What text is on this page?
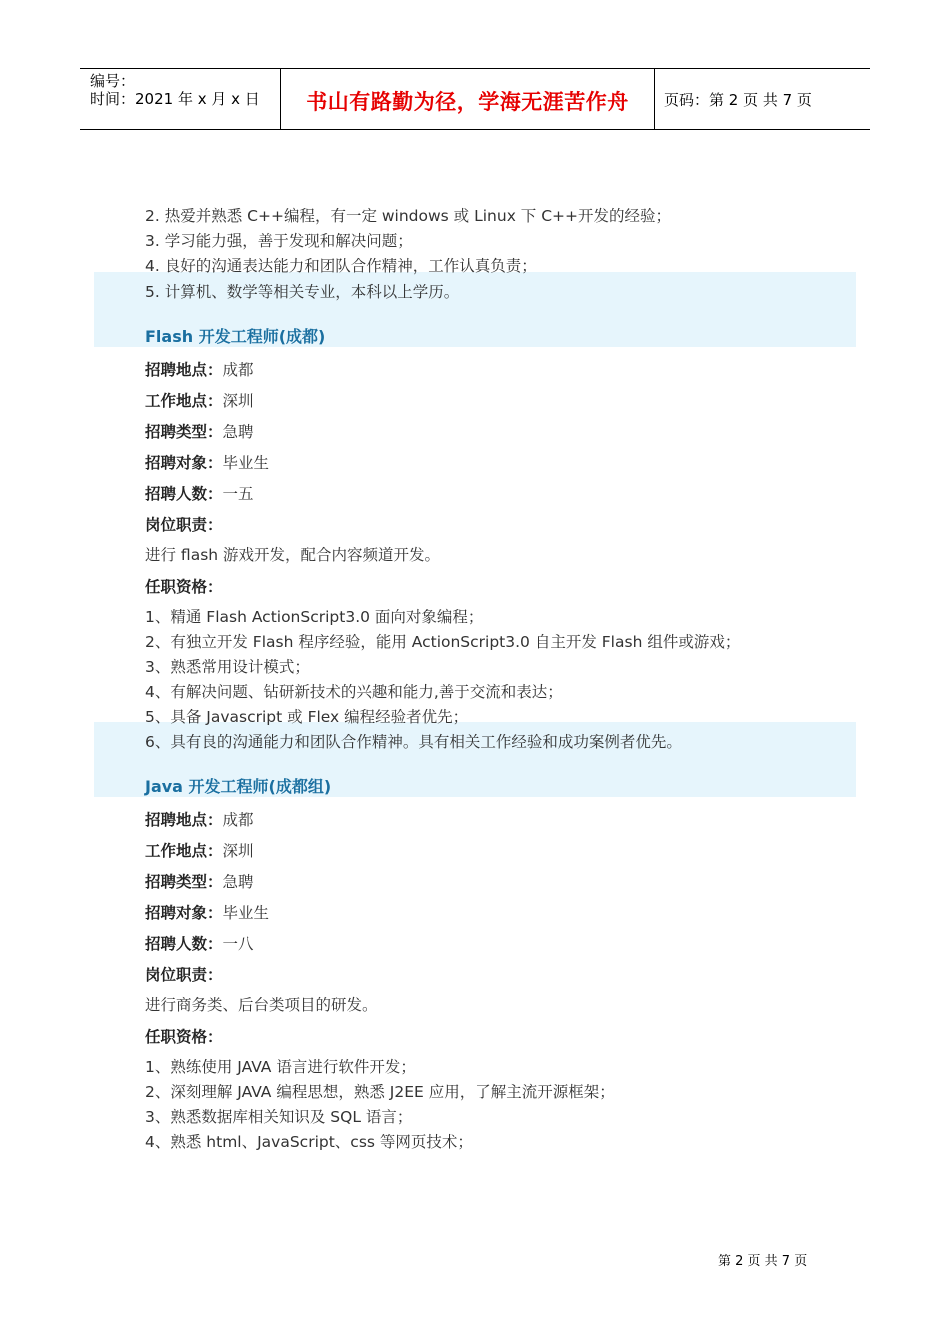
编号：
时间：2021 年 x 月 x 日	书山有路勤为径，学海无涯苦作舟	页码：第 2 页 共 7 页
2. 热爱并熟悉 C++编程，有一定 windows 或 Linux 下 C++开发的经验；
3. 学习能力强，善于发现和解决问题；
4. 良好的沟通表达能力和团队合作精神，工作认真负责；
5. 计算机、数学等相关专业，本科以上学历。
Flash 开发工程师(成都)
招聘地点：成都
工作地点：深圳
招聘类型：急聘
招聘对象：毕业生
招聘人数：一五
岗位职责：
进行 flash 游戏开发，配合内容频道开发。
任职资格：
1、精通 Flash ActionScript3.0 面向对象编程；
2、有独立开发 Flash 程序经验，能用 ActionScript3.0 自主开发 Flash 组件或游戏；
3、熟悉常用设计模式；
4、有解决问题、钻研新技术的兴趣和能力,善于交流和表达；
5、具备 Javascript 或 Flex 编程经验者优先；
6、具有良的沟通能力和团队合作精神。具有相关工作经验和成功案例者优先。
Java 开发工程师(成都组)
招聘地点：成都
工作地点：深圳
招聘类型：急聘
招聘对象：毕业生
招聘人数：一八
岗位职责：
进行商务类、后台类项目的研发。
任职资格：
1、熟练使用 JAVA 语言进行软件开发；
2、深刻理解 JAVA 编程思想，熟悉 J2EE 应用，了解主流开源框架；
3、熟悉数据库相关知识及 SQL 语言；
4、熟悉 html、JavaScript、css 等网页技术；
第 2 页 共 7 页
